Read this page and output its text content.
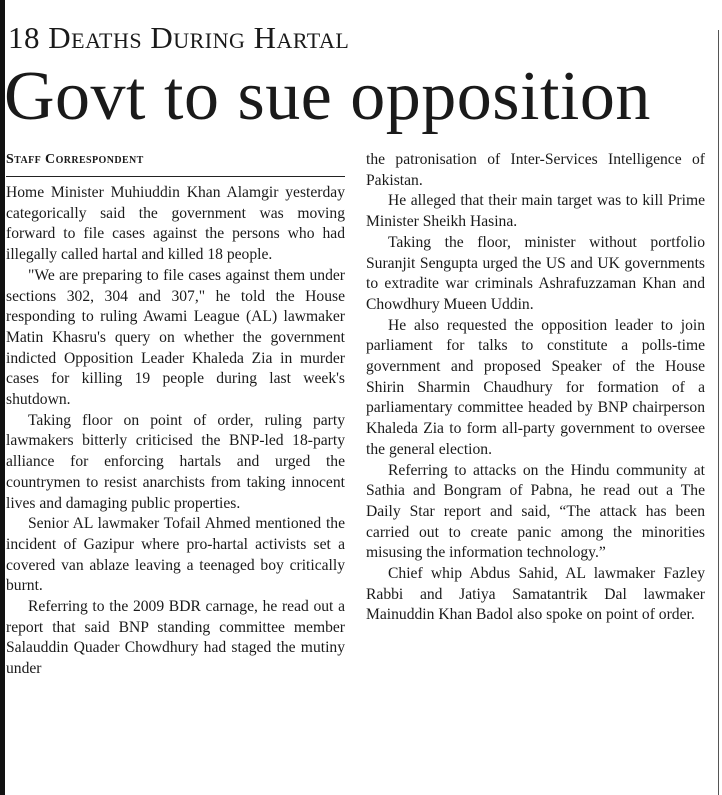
18 Deaths During Hartal
Govt to sue opposition
Staff Correspondent

Home Minister Muhiuddin Khan Alamgir yesterday categorically said the government was moving forward to file cases against the persons who had illegally called hartal and killed 18 people.

"We are preparing to file cases against them under sections 302, 304 and 307," he told the House responding to ruling Awami League (AL) lawmaker Matin Khasru's query on whether the government indicted Opposition Leader Khaleda Zia in murder cases for killing 19 people during last week's shutdown.

Taking floor on point of order, ruling party lawmakers bitterly criticised the BNP-led 18-party alliance for enforcing hartals and urged the countrymen to resist anarchists from taking innocent lives and damaging public properties.

Senior AL lawmaker Tofail Ahmed mentioned the incident of Gazipur where pro-hartal activists set a covered van ablaze leaving a teenaged boy critically burnt.

Referring to the 2009 BDR carnage, he read out a report that said BNP standing committee member Salauddin Quader Chowdhury had staged the mutiny under

the patronisation of Inter-Services Intelligence of Pakistan.

He alleged that their main target was to kill Prime Minister Sheikh Hasina.

Taking the floor, minister without portfolio Suranjit Sengupta urged the US and UK governments to extradite war criminals Ashrafuzzaman Khan and Chowdhury Mueen Uddin.

He also requested the opposition leader to join parliament for talks to constitute a polls-time government and proposed Speaker of the House Shirin Sharmin Chaudhury for formation of a parliamentary committee headed by BNP chairperson Khaleda Zia to form all-party government to oversee the general election.

Referring to attacks on the Hindu community at Sathia and Bongram of Pabna, he read out a The Daily Star report and said, “The attack has been carried out to create panic among the minorities misusing the information technology.”

Chief whip Abdus Sahid, AL lawmaker Fazley Rabbi and Jatiya Samatantrik Dal lawmaker Mainuddin Khan Badol also spoke on point of order.
